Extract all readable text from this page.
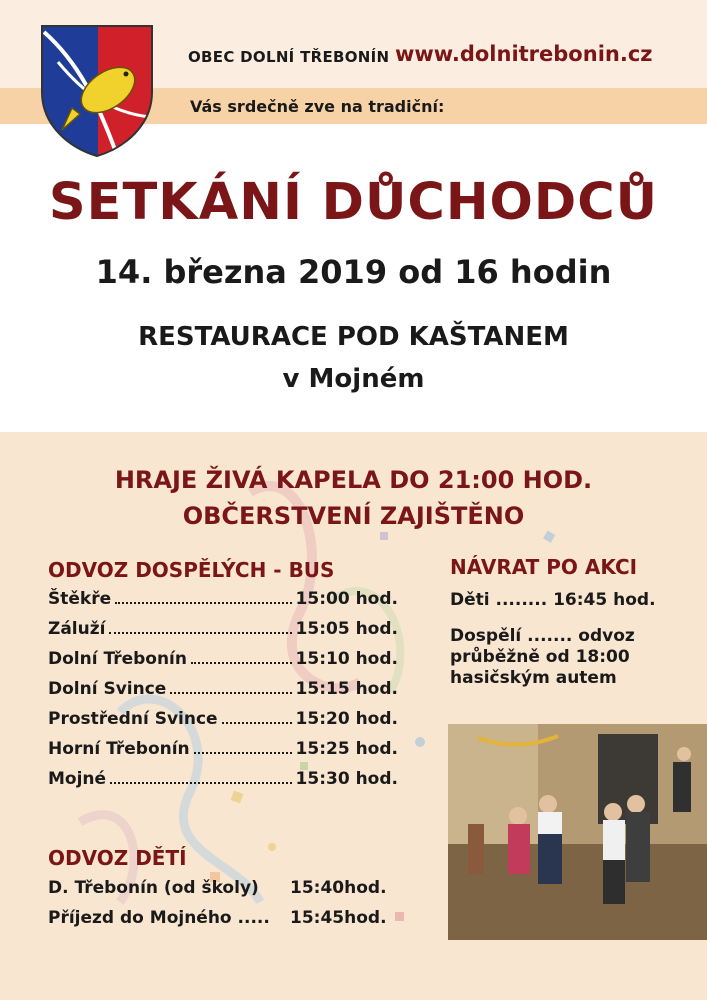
OBEC DOLNÍ TŘEBONÍN www.dolnitrebonin.cz
Vás srdečně zve na tradiční:
SETKÁNÍ DŮCHODCŮ
14. března 2019 od 16 hodin
RESTAURACE POD KAŠTANEM
v Mojném
HRAJE ŽIVÁ KAPELA DO 21:00 HOD.
OBČERSTVENÍ ZAJIŠTĚNO
ODVOZ DOSPĚLÝCH - BUS
Štěkře	15:00 hod.
Záluží	15:05 hod.
Dolní Třebonín	15:10 hod.
Dolní Svince	15:15 hod.
Prostřední Svince	15:20 hod.
Horní Třebonín	15:25 hod.
Mojné	15:30 hod.
ODVOZ DĚTÍ
D. Třebonín (od školy) 15:40hod.
Příjezd do Mojného ..... 15:45hod.
NÁVRAT PO AKCI
Děti ........ 16:45 hod.
Dospělí ....... odvoz
průběžně od 18:00
hasičským autem
